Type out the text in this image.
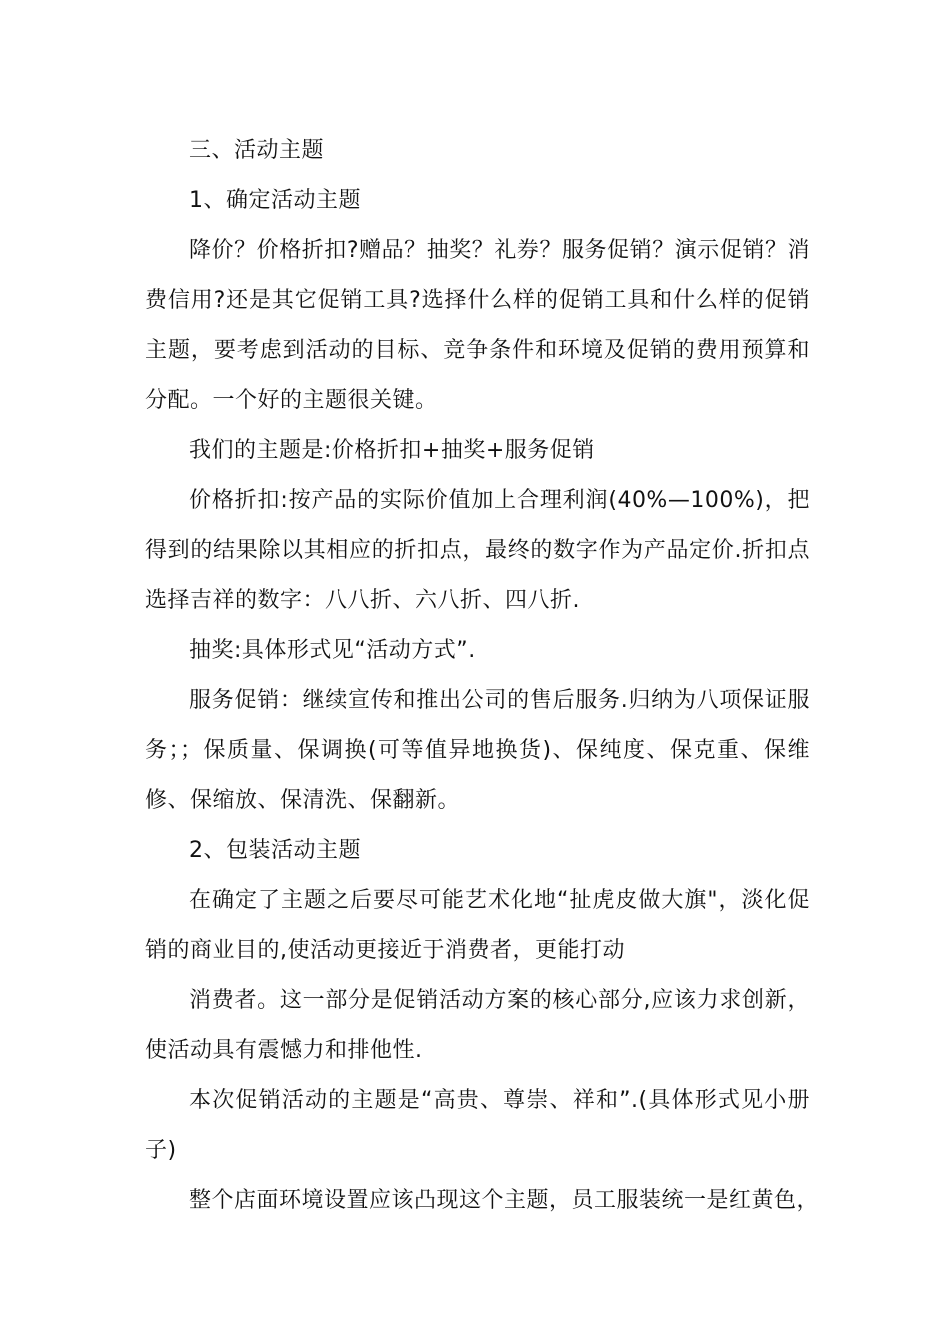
三、活动主题
1、确定活动主题
降价？价格折扣?赠品？抽奖？礼券？服务促销？演示促销？消
费信用?还是其它促销工具?选择什么样的促销工具和什么样的促销
主题，要考虑到活动的目标、竞争条件和环境及促销的费用预算和
分配。一个好的主题很关键。
我们的主题是:价格折扣+抽奖+服务促销
价格折扣:按产品的实际价值加上合理利润(40%—100%)，把
得到的结果除以其相应的折扣点，最终的数字作为产品定价.折扣点
选择吉祥的数字：八八折、六八折、四八折.
抽奖:具体形式见“活动方式”.
服务促销：继续宣传和推出公司的售后服务.归纳为八项保证服
务；；保质量、保调换(可等值异地换货)、保纯度、保克重、保维
修、保缩放、保清洗、保翻新。
2、包装活动主题
在确定了主题之后要尽可能艺术化地“扯虎皮做大旗"，淡化促
销的商业目的,使活动更接近于消费者，更能打动
消费者。这一部分是促销活动方案的核心部分,应该力求创新，
使活动具有震憾力和排他性.
本次促销活动的主题是“高贵、尊崇、祥和”.(具体形式见小册
子)
整个店面环境设置应该凸现这个主题，员工服装统一是红黄色，
